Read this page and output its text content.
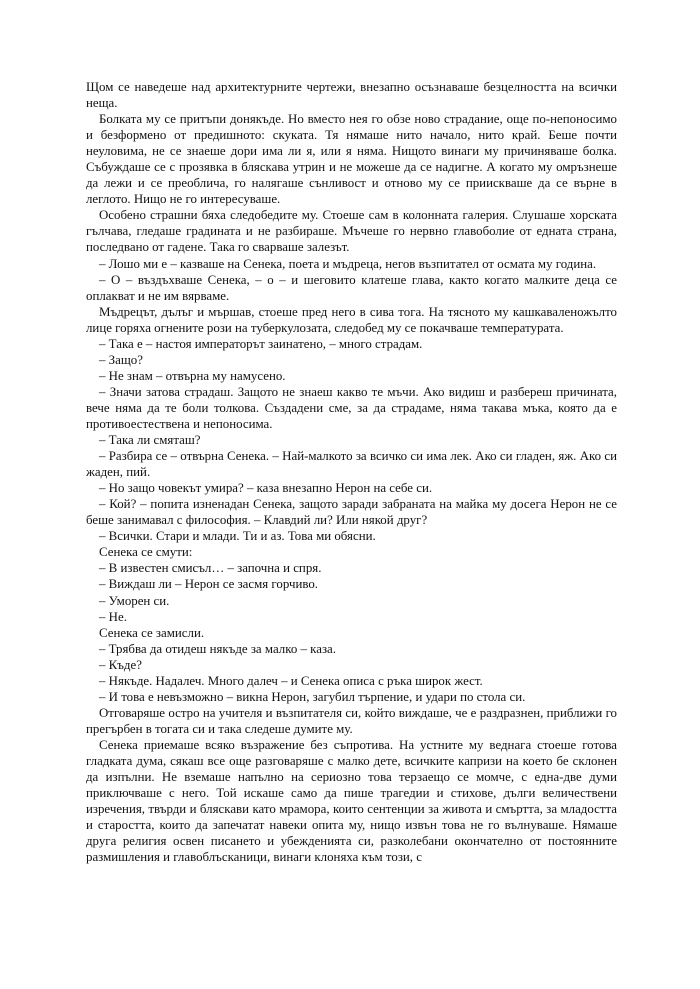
Щом се наведеше над архитектурните чертежи, внезапно осъзнаваше безцелността на всички неща.

Болката му се притъпи донякъде. Но вместо нея го обзе ново страдание, още по-непоносимо и безформено от предишното: скуката. Тя нямаше нито начало, нито край. Беше почти неуловима, не се знаеше дори има ли я, или я няма. Нищото винаги му причиняваше болка. Събуждаше се с прозявка в бляскава утрин и не можеше да се надигне. А когато му омръзнеше да лежи и се преоблича, го налягаше сънливост и отново му се приискваше да се върне в леглото. Нищо не го интересуваше.

Особено страшни бяха следобедите му. Стоеше сам в колонната галерия. Слушаше хорската гълчава, гледаше градината и не разбираше. Мъчеше го нервно главоболие от едната страна, последвано от гадене. Така го сварваше залезът.

– Лошо ми е – казваше на Сенека, поета и мъдреца, негов възпитател от осмата му година.

– О – въздъхваше Сенека, – о – и шеговито клатеше глава, както когато малките деца се оплакват и не им вярваме.

Мъдрецът, дълъг и мършав, стоеше пред него в сива тога. На тясното му кашкаваленожълто лице горяха огнените рози на туберкулозата, следобед му се покачваше температурата.

– Така е – настоя императорът заинатено, – много страдам.

– Защо?

– Не знам – отвърна му намусено.

– Значи затова страдаш. Защото не знаеш какво те мъчи. Ако видиш и разбереш причината, вече няма да те боли толкова. Създадени сме, за да страдаме, няма такава мъка, която да е противоестествена и непоносима.

– Така ли смяташ?

– Разбира се – отвърна Сенека. – Най-малкото за всичко си има лек. Ако си гладен, яж. Ако си жаден, пий.

– Но защо човекът умира? – каза внезапно Нерон на себе си.

– Кой? – попита изненадан Сенека, защото заради забраната на майка му досега Нерон не се беше занимавал с философия. – Клавдий ли? Или някой друг?

– Всички. Стари и млади. Ти и аз. Това ми обясни.

Сенека се смути:

– В известен смисъл… – започна и спря.

– Виждаш ли – Нерон се засмя горчиво.

– Уморен си.

– Не.

Сенека се замисли.

– Трябва да отидеш някъде за малко – каза.

– Къде?

– Някъде. Надалеч. Много далеч – и Сенека описа с ръка широк жест.

– И това е невъзможно – викна Нерон, загубил търпение, и удари по стола си.

Отговаряше остро на учителя и възпитателя си, който виждаше, че е раздразнен, приближи го прегърбен в тогата си и така следеше думите му.

Сенека приемаше всяко възражение без съпротива. На устните му веднага стоеше готова гладката дума, сякаш все още разговаряше с малко дете, всичките капризи на което бе склонен да изпълни. Не вземаше напълно на сериозно това терзаещо се момче, с една-две думи приключваше с него. Той искаше само да пише трагедии и стихове, дълги величествени изречения, твърди и бляскави като мрамора, които сентенции за живота и смъртта, за младостта и старостта, които да запечатат навеки опита му, нищо извън това не го вълнуваше. Нямаше друга религия освен писането и убежденията си, разколебани окончателно от постоянните размишления и главоблъсканици, винаги клоняха към този, с
